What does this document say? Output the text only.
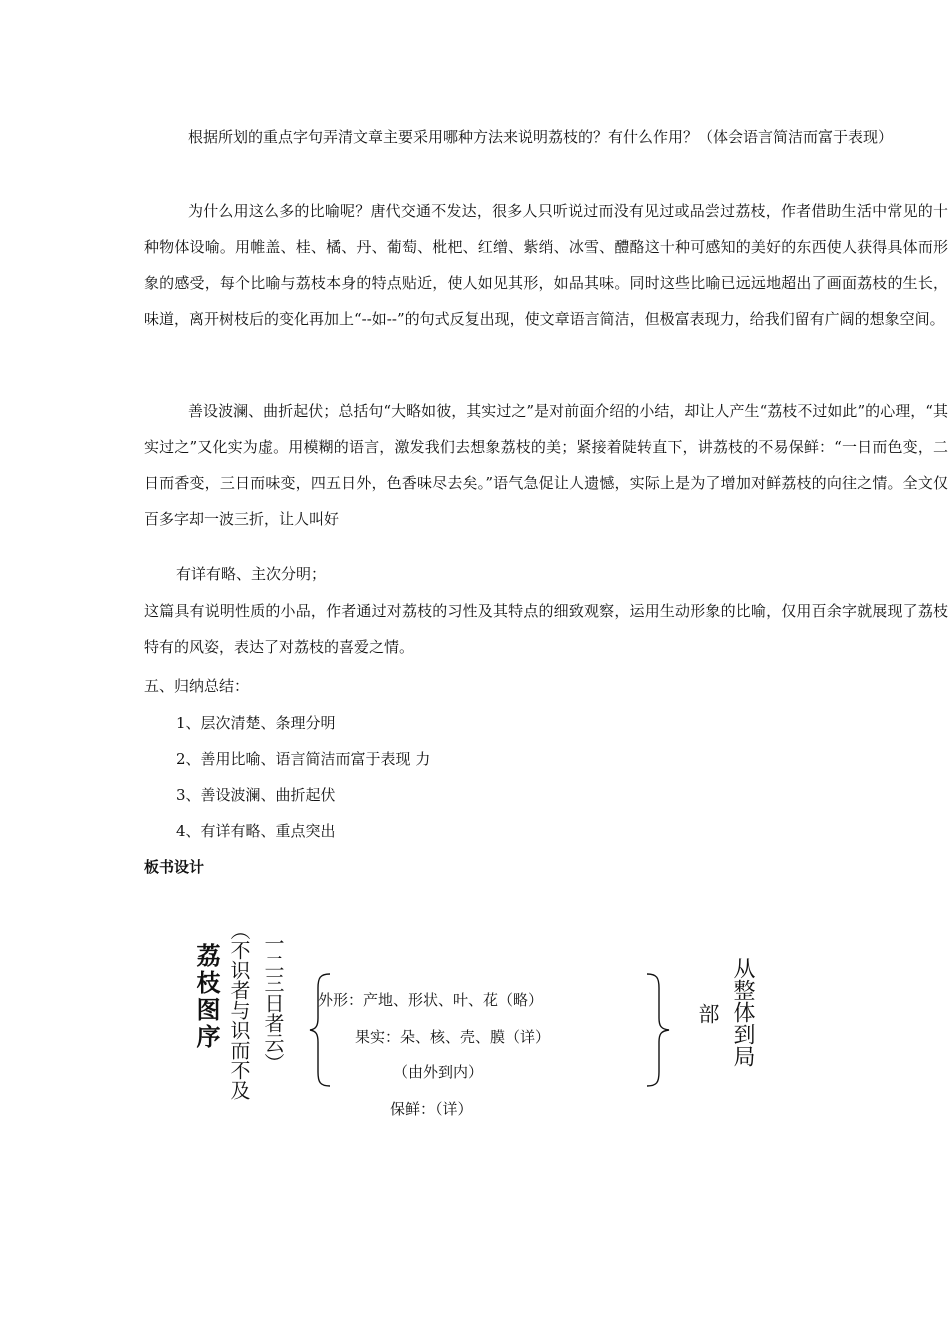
根据所划的重点字句弄清文章主要采用哪种方法来说明荔枝的？有什么作用？（体会语言简洁而富于表现）

为什么用这么多的比喻呢？唐代交通不发达，很多人只听说过而没有见过或品尝过荔枝，作者借助生活中常见的十种物体设喻。用帷盖、桂、橘、丹、葡萄、枇杷、红缯、紫绡、冰雪、醴酪这十种可感知的美好的东西使人获得具体而形象的感受，每个比喻与荔枝本身的特点贴近，使人如见其形，如品其味。同时这些比喻已远远地超出了画面荔枝的生长，味道，离开树枝后的变化再加上“--如--”的句式反复出现，使文章语言简洁，但极富表现力，给我们留有广阔的想象空间。

善设波澜、曲折起伏；总括句“大略如彼，其实过之”是对前面介绍的小结，却让人产生“荔枝不过如此”的心理，“其实过之”又化实为虚。用模糊的语言，激发我们去想象荔枝的美；紧接着陡转直下，讲荔枝的不易保鲜：“一日而色变，二日而香变，三日而味变，四五日外，色香味尽去矣。”语气急促让人遗憾，实际上是为了增加对鲜荔枝的向往之情。全文仅百多字却一波三折，让人叫好

有详有略、主次分明；

这篇具有说明性质的小品，作者通过对荔枝的习性及其特点的细致观察，运用生动形象的比喻，仅用百余字就展现了荔枝特有的风姿，表达了对荔枝的喜爱之情。

五、归纳总结：
1、层次清楚、条理分明
2、善用比喻、语言简洁而富于表现 力
3、善设波澜、曲折起伏
4、有详有略、重点突出
板书设计
荔枝图序 （不识者与识而不及 一二三日者云） 外形：产地、形状、叶、花（略）
果实：朵、核、壳、膜（详）
（由外到内）
保鲜：（详）
部 从整体到局
